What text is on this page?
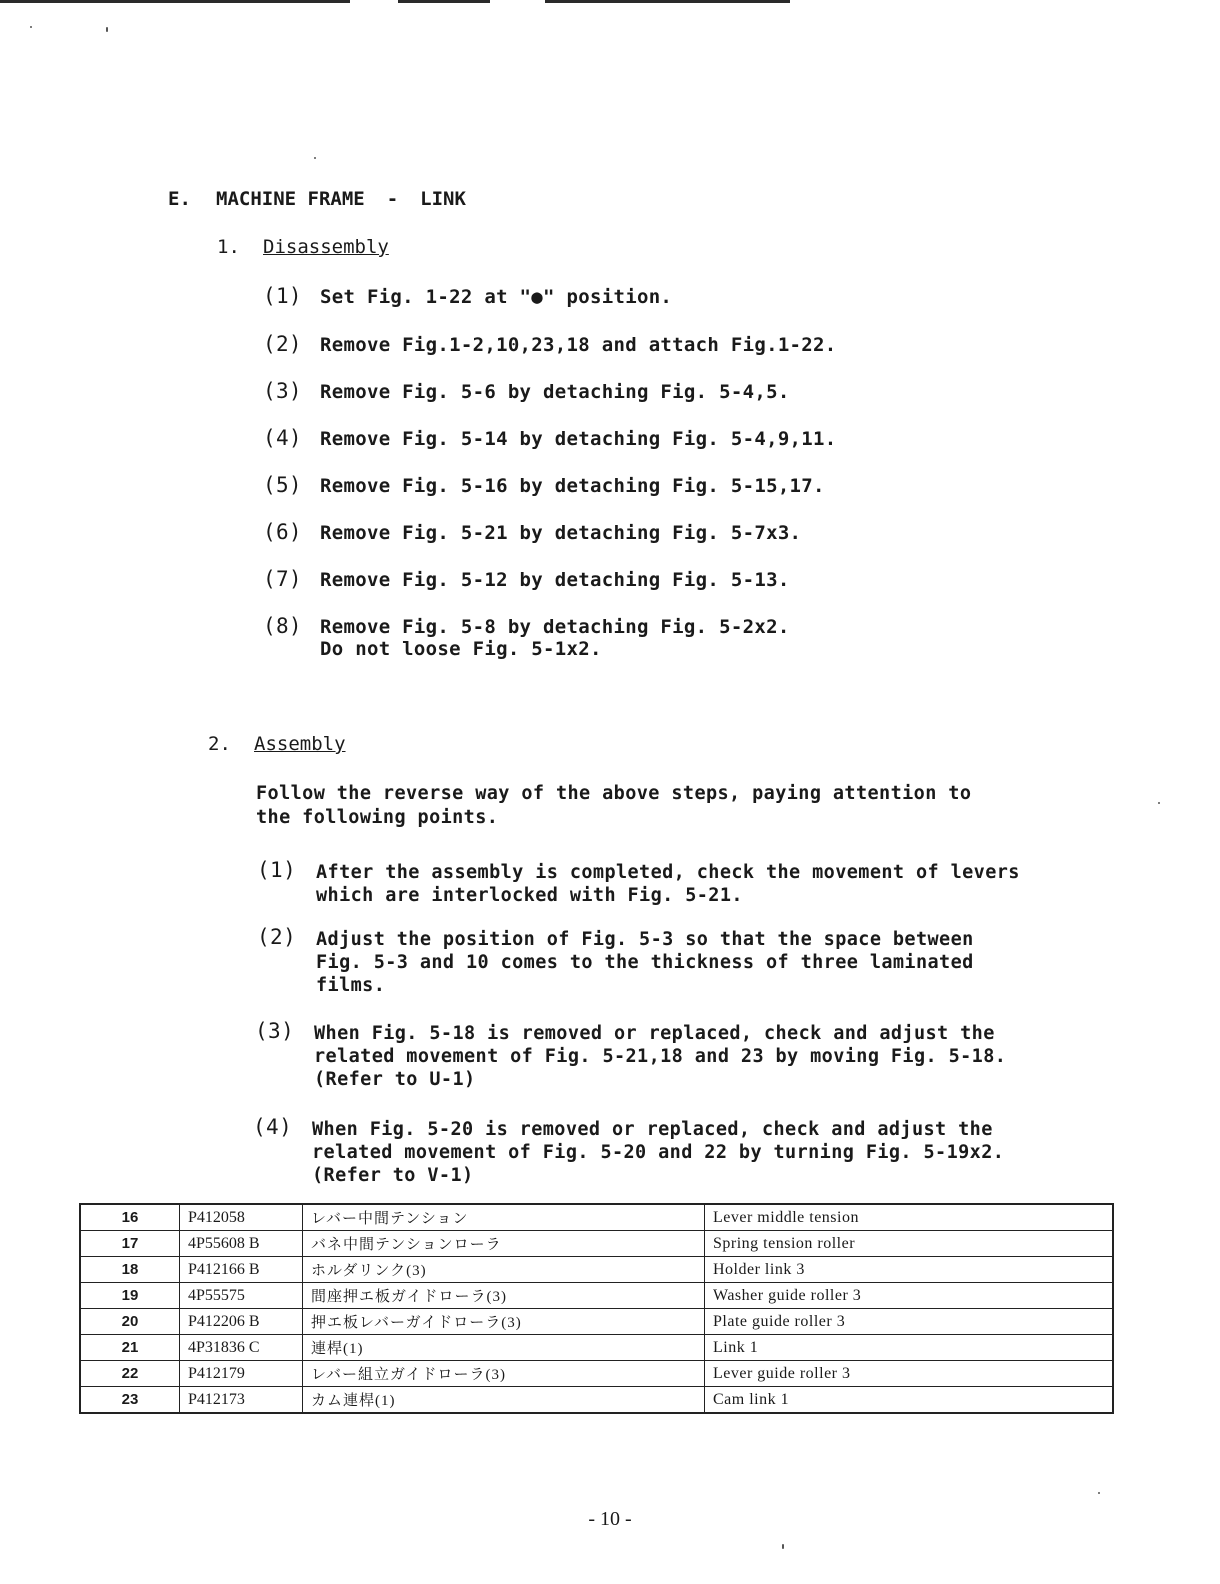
E. MACHINE FRAME - LINK
1. Disassembly
(1) Set Fig. 1-22 at "●" position.
(2) Remove Fig.1-2,10,23,18 and attach Fig.1-22.
(3) Remove Fig. 5-6 by detaching Fig. 5-4,5.
(4) Remove Fig. 5-14 by detaching Fig. 5-4,9,11.
(5) Remove Fig. 5-16 by detaching Fig. 5-15,17.
(6) Remove Fig. 5-21 by detaching Fig. 5-7x3.
(7) Remove Fig. 5-12 by detaching Fig. 5-13.
(8) Remove Fig. 5-8 by detaching Fig. 5-2x2.
Do not loose Fig. 5-1x2.
2. Assembly
Follow the reverse way of the above steps, paying attention to
the following points.
(1) After the assembly is completed, check the movement of levers
which are interlocked with Fig. 5-21.
(2) Adjust the position of Fig. 5-3 so that the space between
Fig. 5-3 and 10 comes to the thickness of three laminated
films.
(3) When Fig. 5-18 is removed or replaced, check and adjust the
related movement of Fig. 5-21,18 and 23 by moving Fig. 5-18.
(Refer to U-1)
(4) When Fig. 5-20 is removed or replaced, check and adjust the
related movement of Fig. 5-20 and 22 by turning Fig. 5-19x2.
(Refer to V-1)
16	P412058	レバー中間テンション	Lever middle tension
17	4P55608 B	バネ中間テンションローラ	Spring tension roller
18	P412166 B	ホルダリンク(3)	Holder link 3
19	4P55575	間座押エ板ガイドローラ(3)	Washer guide roller 3
20	P412206 B	押エ板レバーガイドローラ(3)	Plate guide roller 3
21	4P31836 C	連桿(1)	Link 1
22	P412179	レバー組立ガイドローラ(3)	Lever guide roller 3
23	P412173	カム連桿(1)	Cam link 1
- 10 -
